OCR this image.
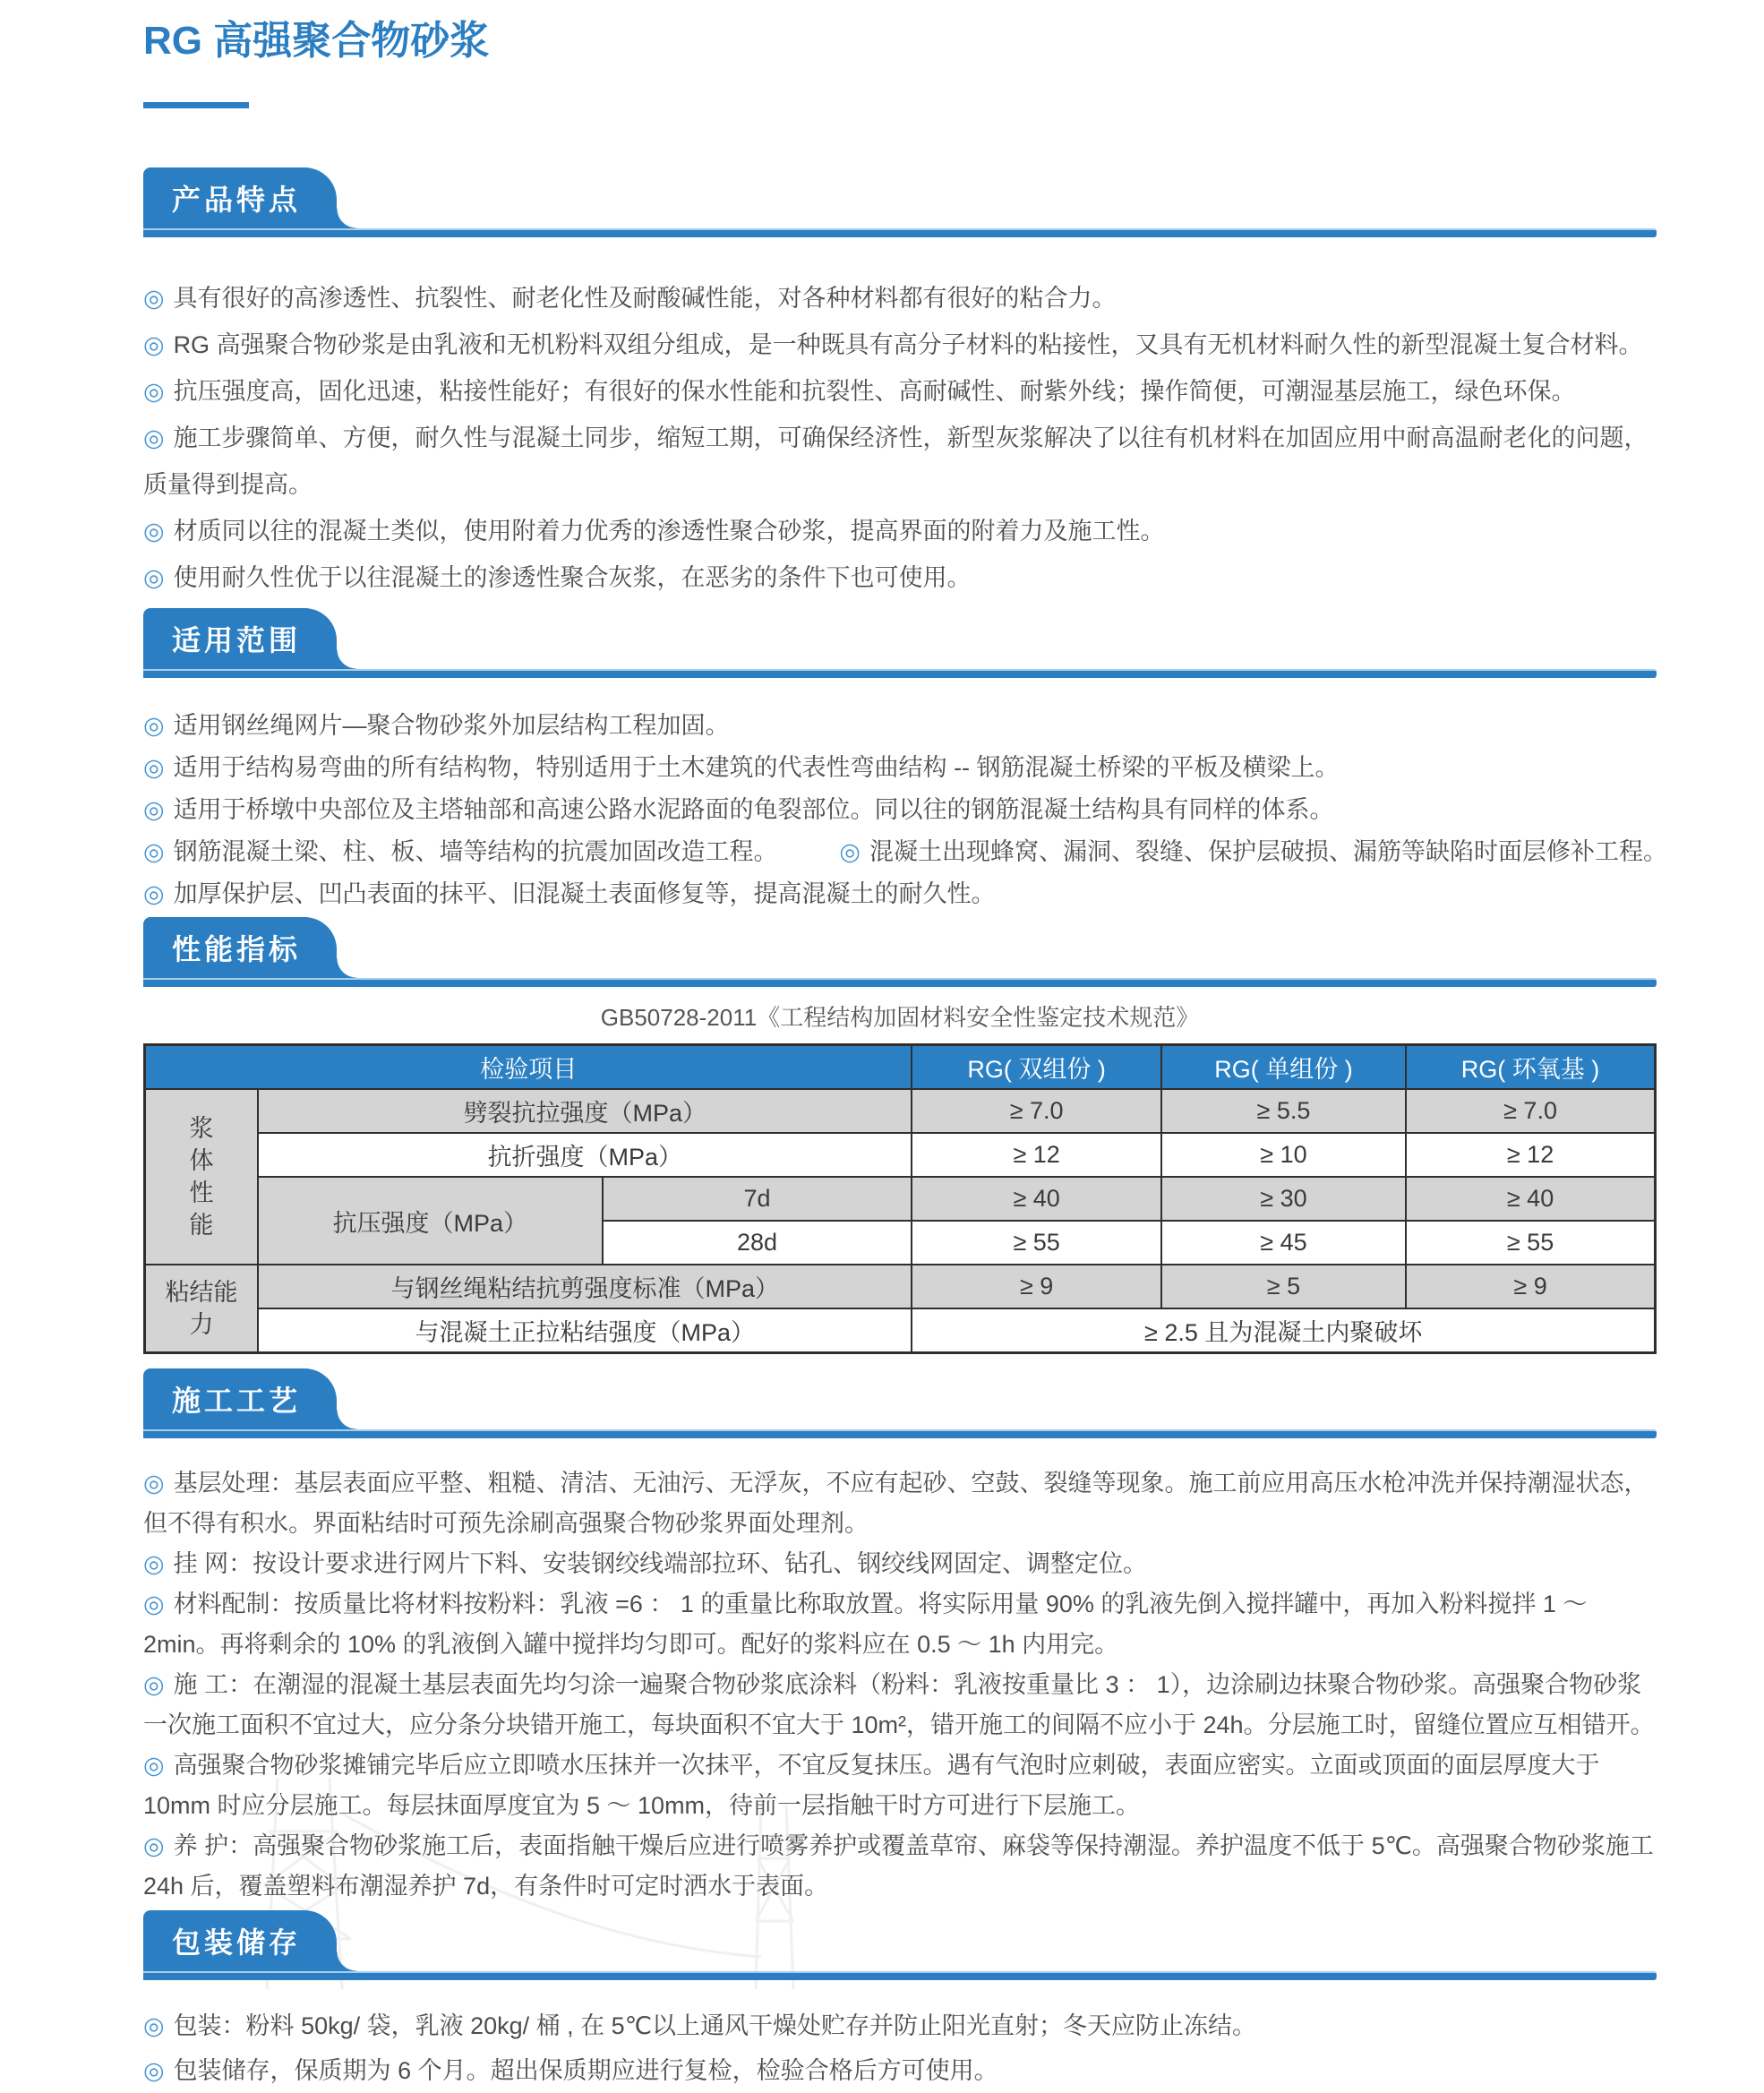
RG 高强聚合物砂浆
产品特点

◎ 具有很好的高渗透性、抗裂性、耐老化性及耐酸碱性能，对各种材料都有很好的粘合力。

◎ RG 高强聚合物砂浆是由乳液和无机粉料双组分组成，是一种既具有高分子材料的粘接性，又具有无机材料耐久性的新型混凝土复合材料。

◎ 抗压强度高，固化迅速，粘接性能好；有很好的保水性能和抗裂性、高耐碱性、耐紫外线；操作简便，可潮湿基层施工，绿色环保。

◎ 施工步骤简单、方便，耐久性与混凝土同步，缩短工期，可确保经济性，新型灰浆解决了以往有机材料在加固应用中耐高温耐老化的问题，质量得到提高。

◎ 材质同以往的混凝土类似，使用附着力优秀的渗透性聚合砂浆，提高界面的附着力及施工性。

◎ 使用耐久性优于以往混凝土的渗透性聚合灰浆，在恶劣的条件下也可使用。

适用范围

◎ 适用钢丝绳网片—聚合物砂浆外加层结构工程加固。

◎ 适用于结构易弯曲的所有结构物，特别适用于土木建筑的代表性弯曲结构 -- 钢筋混凝土桥梁的平板及横梁上。

◎ 适用于桥墩中央部位及主塔轴部和高速公路水泥路面的龟裂部位。同以往的钢筋混凝土结构具有同样的体系。

◎ 钢筋混凝土梁、柱、板、墙等结构的抗震加固改造工程。	◎ 混凝土出现蜂窝、漏洞、裂缝、保护层破损、漏筋等缺陷时面层修补工程。

◎ 加厚保护层、凹凸表面的抹平、旧混凝土表面修复等，提高混凝土的耐久性。

性能指标
GB50728-2011《工程结构加固材料安全性鉴定技术规范》
检验项目			RG( 双组份 )	RG( 单组份 )	RG( 环氧基 )
浆
体
性
能	劈裂抗拉强度（MPa）		≥ 7.0	≥ 5.5	≥ 7.0
	抗折强度（MPa）		≥ 12	≥ 10	≥ 12
	抗压强度（MPa）	7d	≥ 40	≥ 30	≥ 40
		28d	≥ 55	≥ 45	≥ 55
粘结能
力	与钢丝绳粘结抗剪强度标准（MPa）		≥ 9	≥ 5	≥ 9
	与混凝土正拉粘结强度（MPa）		≥ 2.5 且为混凝土内聚破坏		
施工工艺

◎ 基层处理：基层表面应平整、粗糙、清洁、无油污、无浮灰，不应有起砂、空鼓、裂缝等现象。施工前应用高压水枪冲洗并保持潮湿状态，但不得有积水。界面粘结时可预先涂刷高强聚合物砂浆界面处理剂。

◎ 挂 网：按设计要求进行网片下料、安装钢绞线端部拉环、钻孔、钢绞线网固定、调整定位。

◎ 材料配制：按质量比将材料按粉料：乳液 =6 ： 1 的重量比称取放置。将实际用量 90% 的乳液先倒入搅拌罐中，再加入粉料搅拌 1 ～ 2min。再将剩余的 10% 的乳液倒入罐中搅拌均匀即可。配好的浆料应在 0.5 ～ 1h 内用完。

◎ 施 工：在潮湿的混凝土基层表面先均匀涂一遍聚合物砂浆底涂料（粉料：乳液按重量比 3 ： 1），边涂刷边抹聚合物砂浆。高强聚合物砂浆一次施工面积不宜过大，应分条分块错开施工，每块面积不宜大于 10m²，错开施工的间隔不应小于 24h。分层施工时，留缝位置应互相错开。

◎ 高强聚合物砂浆摊铺完毕后应立即喷水压抹并一次抹平，不宜反复抹压。遇有气泡时应刺破，表面应密实。立面或顶面的面层厚度大于 10mm 时应分层施工。每层抹面厚度宜为 5 ～ 10mm，待前一层指触干时方可进行下层施工。

◎ 养 护：高强聚合物砂浆施工后，表面指触干燥后应进行喷雾养护或覆盖草帘、麻袋等保持潮湿。养护温度不低于 5℃。高强聚合物砂浆施工 24h 后，覆盖塑料布潮湿养护 7d，有条件时可定时洒水于表面。

包装储存

◎ 包装：粉料 50kg/ 袋，乳液 20kg/ 桶 , 在 5℃以上通风干燥处贮存并防止阳光直射；冬天应防止冻结。

◎ 包装储存，保质期为 6 个月。超出保质期应进行复检，检验合格后方可使用。
